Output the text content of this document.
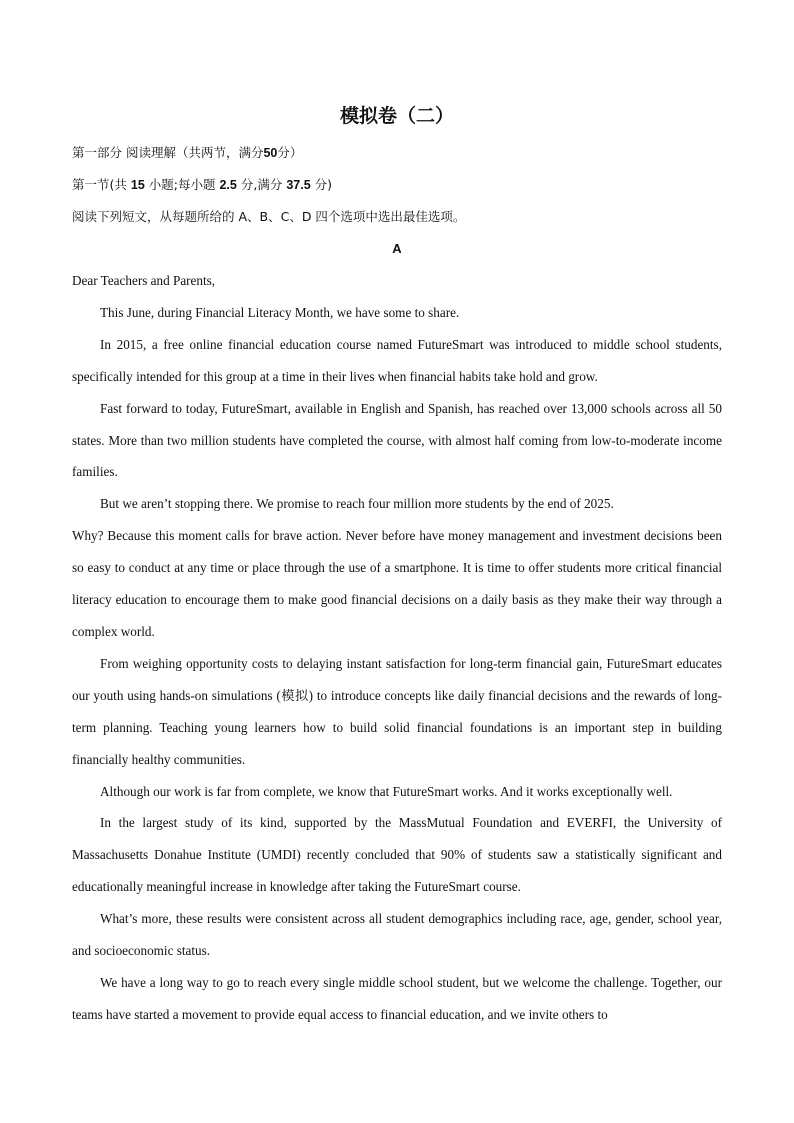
模拟卷（二）
第一部分 阅读理解（共两节，满分50分）
第一节(共 15 小题;每小题 2.5 分,满分 37.5 分)
阅读下列短文，从每题所给的 A、B、C、D 四个选项中选出最佳选项。
A

Dear Teachers and Parents,

This June, during Financial Literacy Month, we have some to share.

In 2015, a free online financial education course named FutureSmart was introduced to middle school students, specifically intended for this group at a time in their lives when financial habits take hold and grow.

Fast forward to today, FutureSmart, available in English and Spanish, has reached over 13,000 schools across all 50 states. More than two million students have completed the course, with almost half coming from low-to-moderate income families.

But we aren’t stopping there. We promise to reach four million more students by the end of 2025.

Why? Because this moment calls for brave action. Never before have money management and investment decisions been so easy to conduct at any time or place through the use of a smartphone. It is time to offer students more critical financial literacy education to encourage them to make good financial decisions on a daily basis as they make their way through a complex world.

From weighing opportunity costs to delaying instant satisfaction for long-term financial gain, FutureSmart educates our youth using hands-on simulations (模拟) to introduce concepts like daily financial decisions and the rewards of long-term planning. Teaching young learners how to build solid financial foundations is an important step in building financially healthy communities.

Although our work is far from complete, we know that FutureSmart works. And it works exceptionally well.

In the largest study of its kind, supported by the MassMutual Foundation and EVERFI, the University of Massachusetts Donahue Institute (UMDI) recently concluded that 90% of students saw a statistically significant and educationally meaningful increase in knowledge after taking the FutureSmart course.

What’s more, these results were consistent across all student demographics including race, age, gender, school year, and socioeconomic status.

We have a long way to go to reach every single middle school student, but we welcome the challenge. Together, our teams have started a movement to provide equal access to financial education, and we invite others to
